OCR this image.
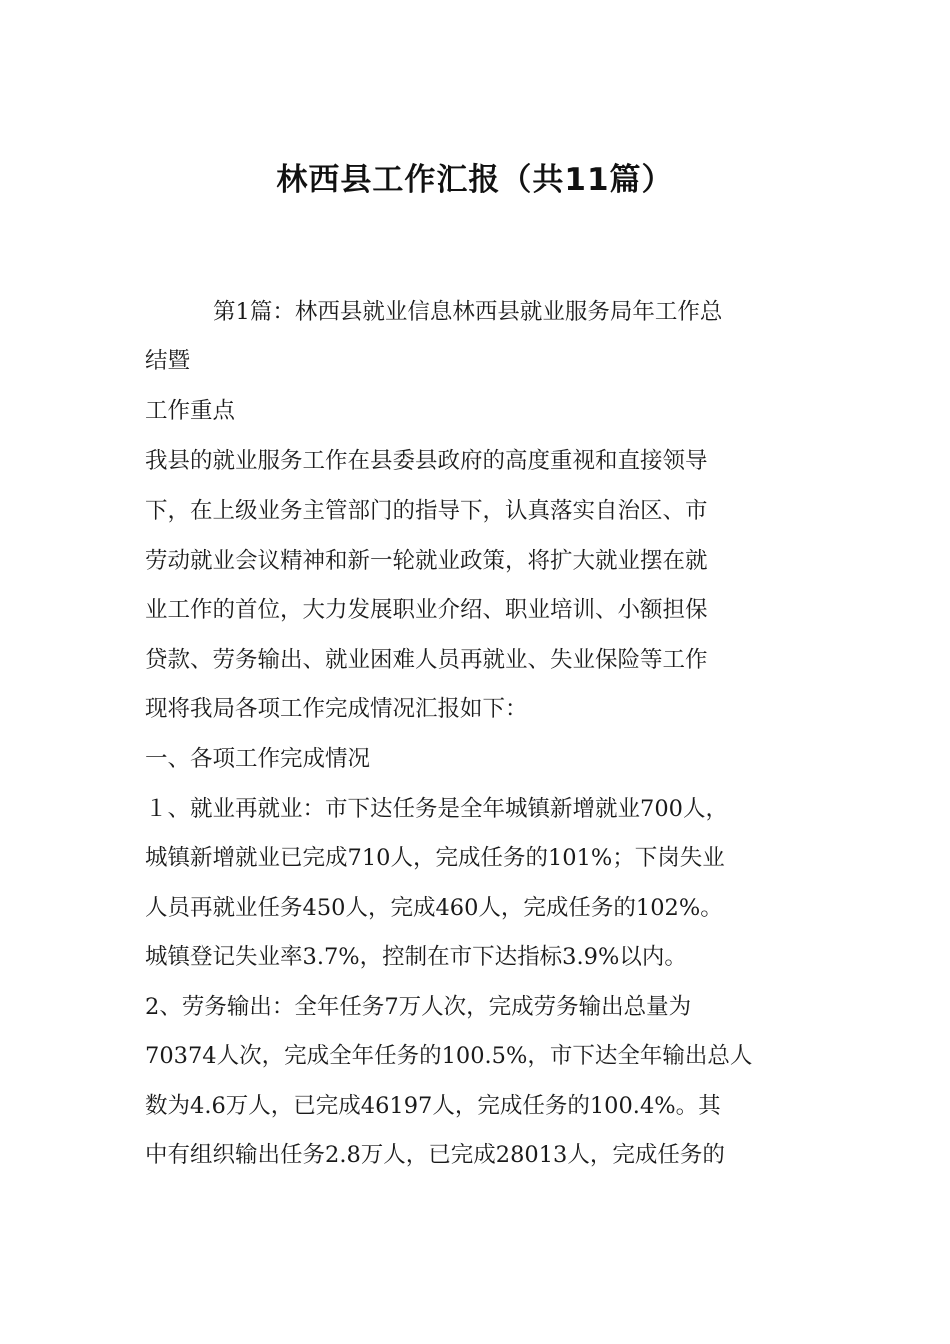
林西县工作汇报（共11篇）
第1篇：林西县就业信息林西县就业服务局年工作总
结暨
工作重点
我县的就业服务工作在县委县政府的高度重视和直接领导
下，在上级业务主管部门的指导下，认真落实自治区、市
劳动就业会议精神和新一轮就业政策，将扩大就业摆在就
业工作的首位，大力发展职业介绍、职业培训、小额担保
贷款、劳务输出、就业困难人员再就业、失业保险等工作
现将我局各项工作完成情况汇报如下：
一、各项工作完成情况
１、就业再就业：市下达任务是全年城镇新增就业700人，
城镇新增就业已完成710人，完成任务的101%；下岗失业
人员再就业任务450人，完成460人，完成任务的102%。
城镇登记失业率3.7%，控制在市下达指标3.9%以内。
2、劳务输出：全年任务7万人次，完成劳务输出总量为
70374人次，完成全年任务的100.5%，市下达全年输出总人
数为4.6万人，已完成46197人，完成任务的100.4%。其
中有组织输出任务2.8万人，已完成28013人，完成任务的
